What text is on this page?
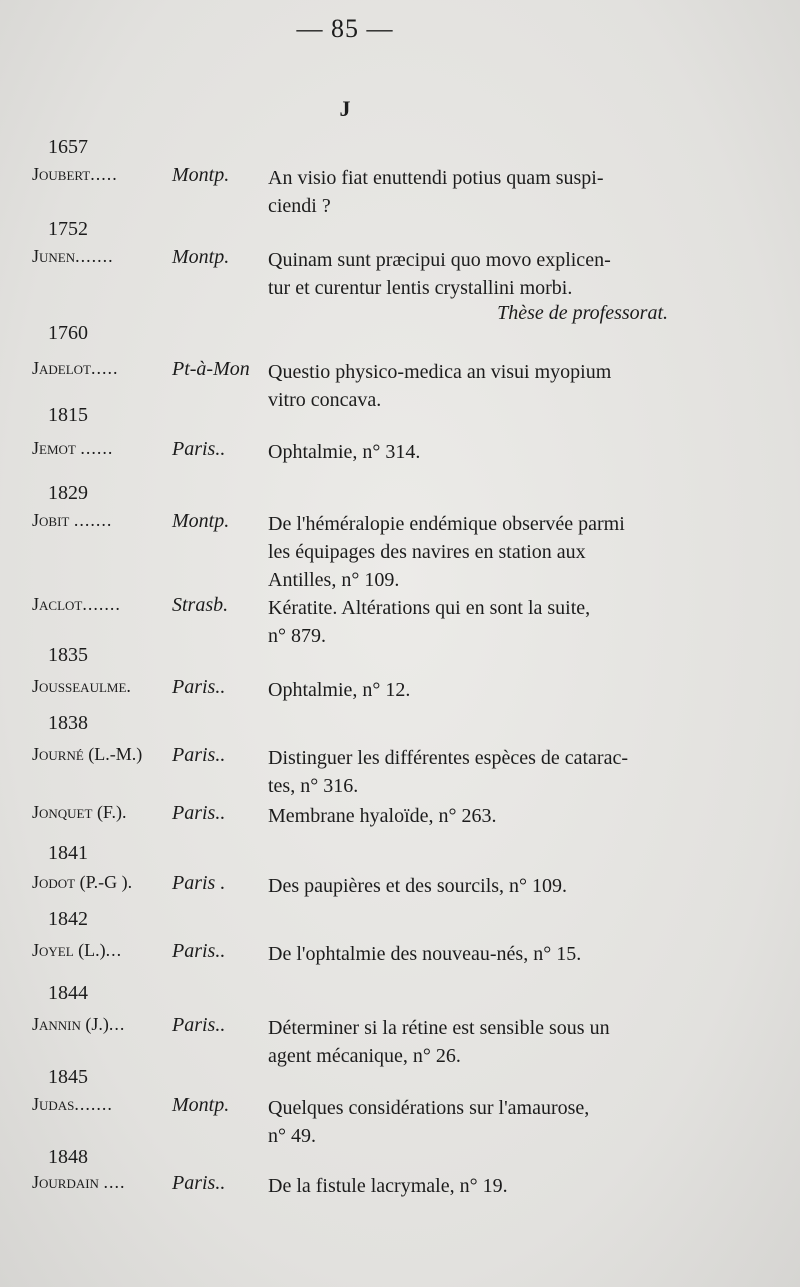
— 85 —
J
1657
Joubert.....	Montp. An visio fiat enuttendi potius quam suspi-
ciendi ?
1752
Junen.......	Montp. Quinam sunt præcipui quo movo explicen-
tur et curentur lentis crystallini morbi.
Thèse de professorat.
1760
Jadelot.....	Pt-à-Mon Questio physico-medica an visui myopium
vitro concava.
1815
Jemot ......	Paris.. Ophtalmie, n° 314.
1829
Jobit .......	Montp. De l'héméralopie endémique observée parmi
les équipages des navires en station aux
Antilles, n° 109.
Jaclot.......	Strasb. Kératite. Altérations qui en sont la suite,
n° 879.
1835
Jousseaulme.	Paris.. Ophtalmie, n° 12.
1838
Journé (L.-M.)	Paris.. Distinguer les différentes espèces de catarac-
tes, n° 316.
Jonquet (F.).	Paris.. Membrane hyaloïde, n° 263.
1841
Jodot (P.-G ).	Paris . Des paupières et des sourcils, n° 109.
1842
Joyel (L.)...	Paris.. De l'ophtalmie des nouveau-nés, n° 15.
1844
Jannin (J.)...	Paris.. Déterminer si la rétine est sensible sous un
agent mécanique, n° 26.
1845
Judas.......	Montp. Quelques considérations sur l'amaurose,
n° 49.
1848
Jourdain ....	Paris.. De la fistule lacrymale, n° 19.
